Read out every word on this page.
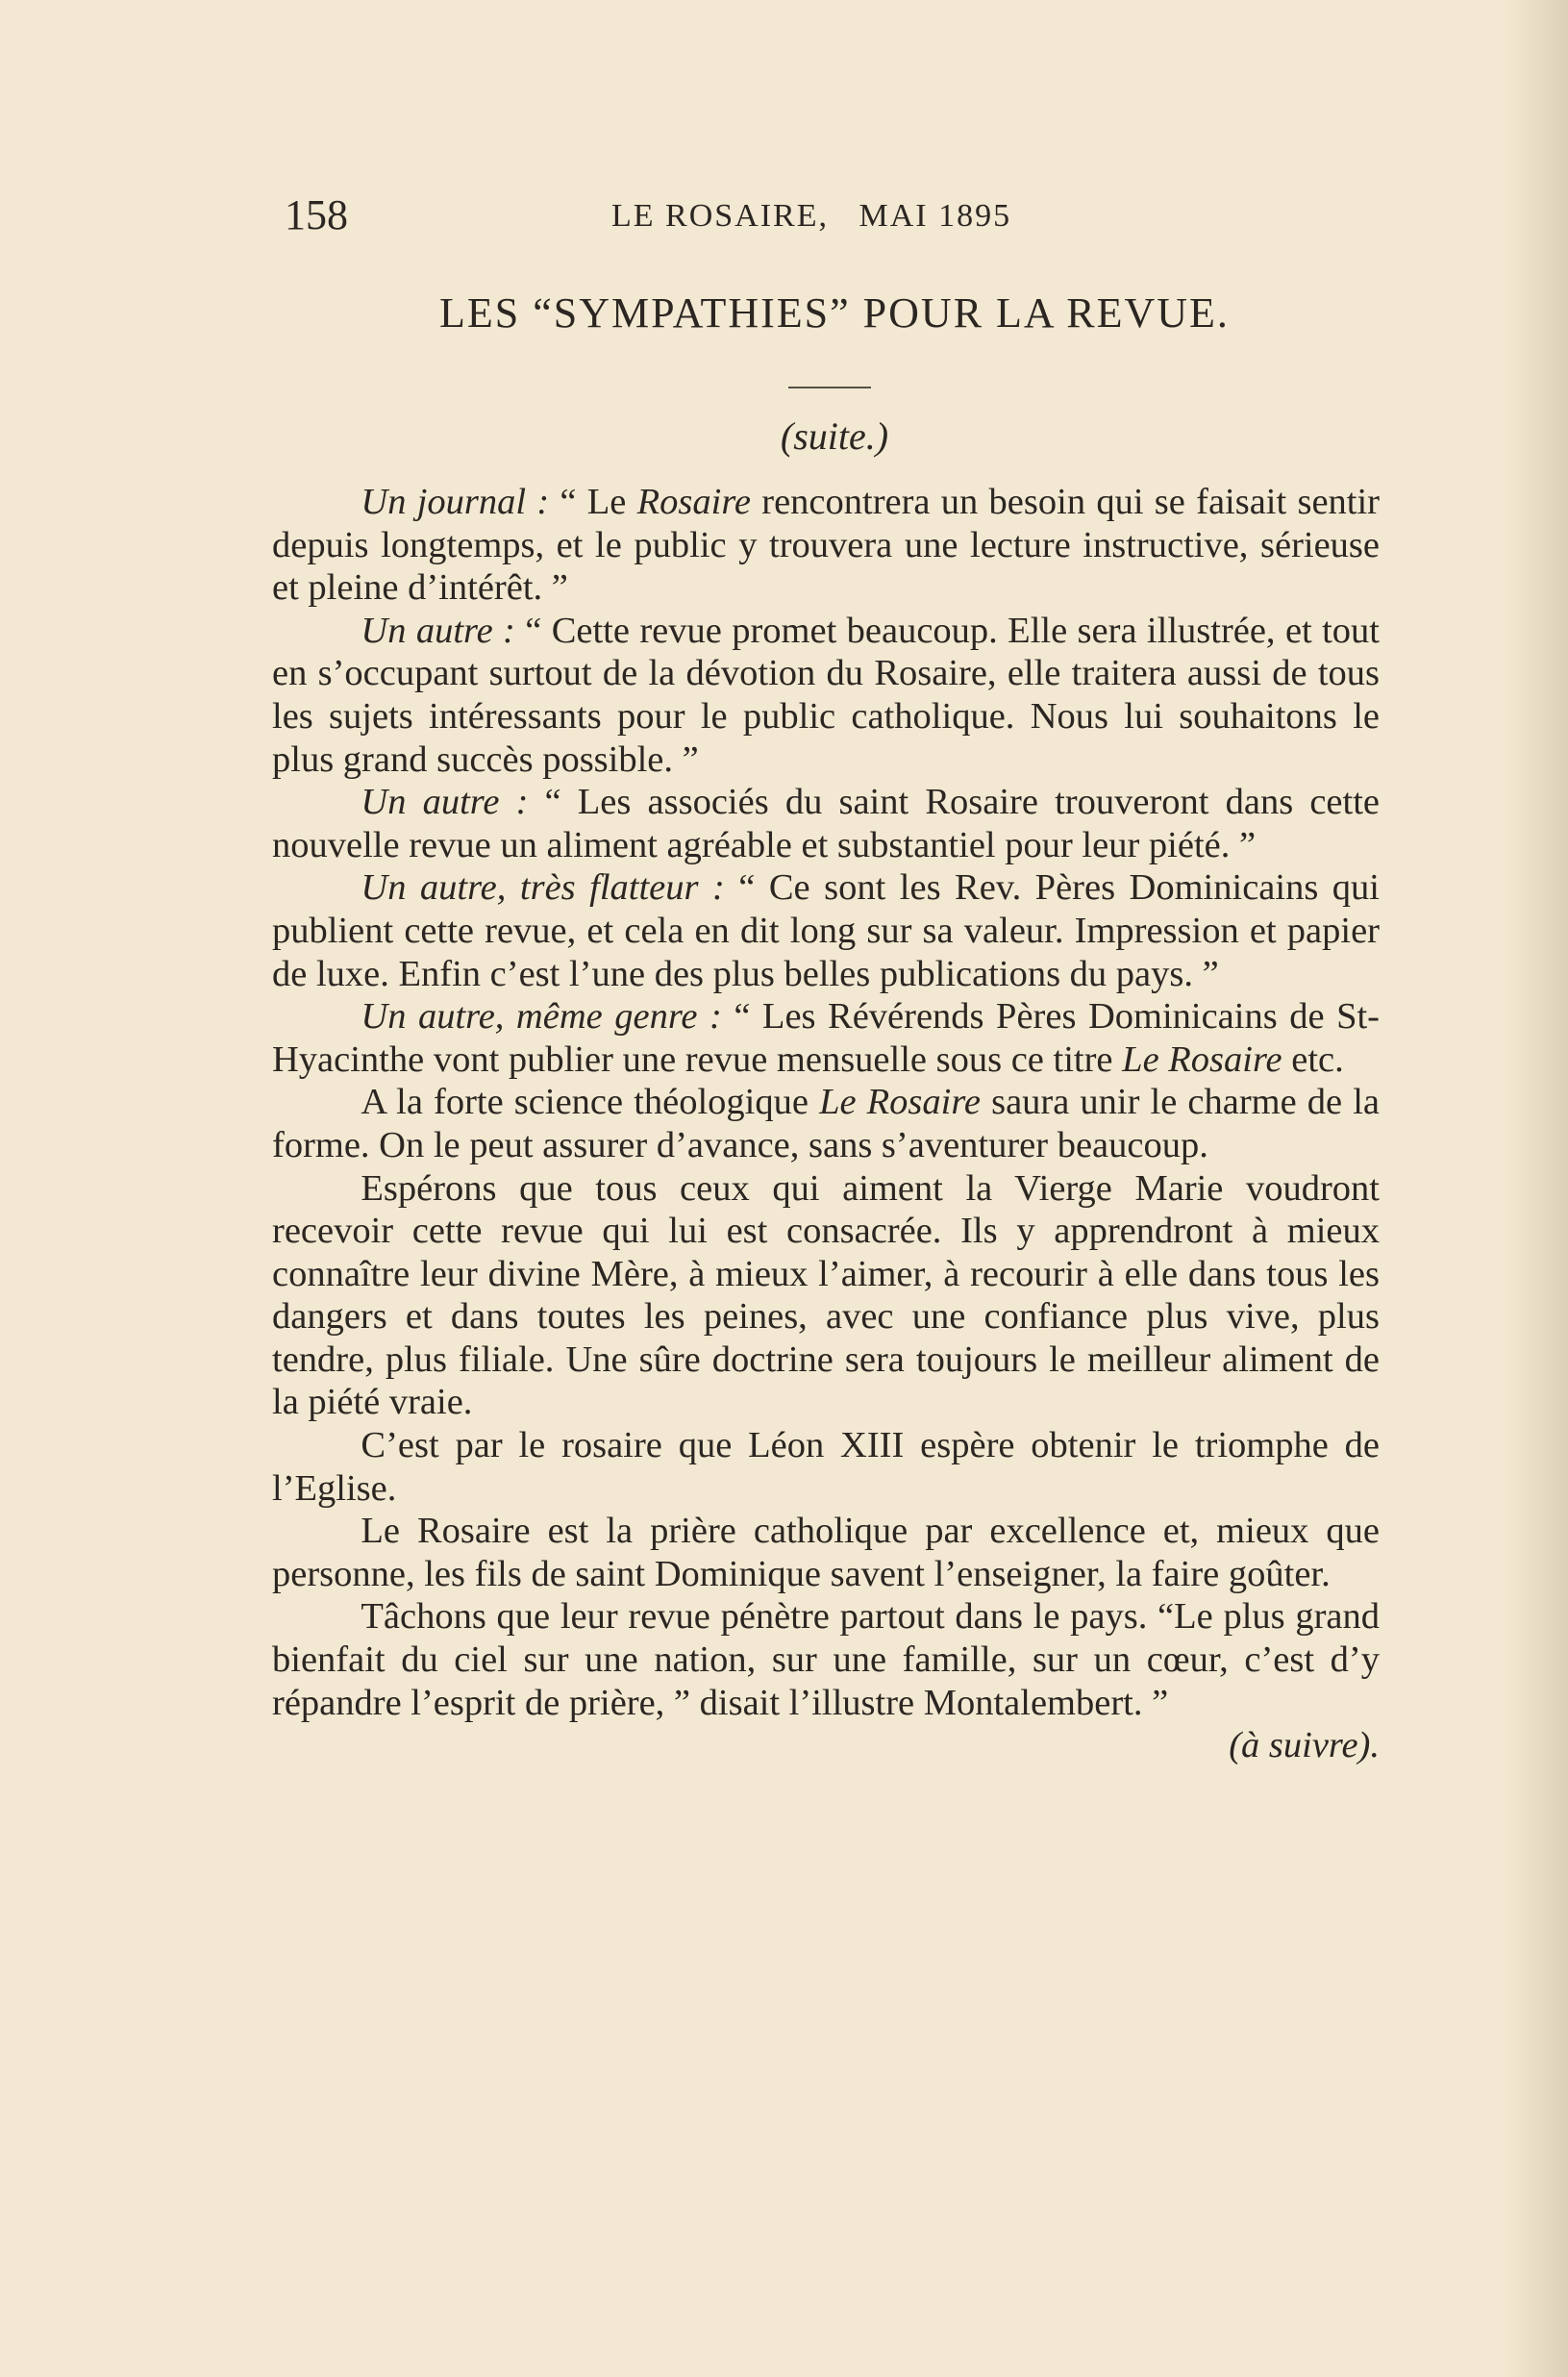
158	LE ROSAIRE,   MAI 1895
LES “SYMPATHIES” POUR LA REVUE.
(suite.)

Un journal : “ Le Rosaire rencontrera un besoin qui se faisait sentir depuis longtemps, et le public y trouvera une lecture instructive, sérieuse et pleine d’intérêt. ”

Un autre : “ Cette revue promet beaucoup. Elle sera illustrée, et tout en s’occupant surtout de la dévotion du Rosaire, elle traitera aussi de tous les sujets intéressants pour le public catholique. Nous lui souhaitons le plus grand succès possible. ”

Un autre : “ Les associés du saint Rosaire trouveront dans cette nouvelle revue un aliment agréable et substantiel pour leur piété. ”

Un autre, très flatteur : “ Ce sont les Rev. Pères Dominicains qui publient cette revue, et cela en dit long sur sa valeur. Impression et papier de luxe. Enfin c’est l’une des plus belles publications du pays. ”

Un autre, même genre : “ Les Révérends Pères Dominicains de St-Hyacinthe vont publier une revue mensuelle sous ce titre Le Rosaire etc.

A la forte science théologique Le Rosaire saura unir le charme de la forme. On le peut assurer d’avance, sans s’aventurer beaucoup.

Espérons que tous ceux qui aiment la Vierge Marie voudront recevoir cette revue qui lui est consacrée. Ils y apprendront à mieux connaître leur divine Mère, à mieux l’aimer, à recourir à elle dans tous les dangers et dans toutes les peines, avec une confiance plus vive, plus tendre, plus filiale. Une sûre doctrine sera toujours le meilleur aliment de la piété vraie.

C’est par le rosaire que Léon XIII espère obtenir le triomphe de l’Eglise.

Le Rosaire est la prière catholique par excellence et, mieux que personne, les fils de saint Dominique savent l’enseigner, la faire goûter.

Tâchons que leur revue pénètre partout dans le pays. “Le plus grand bienfait du ciel sur une nation, sur une famille, sur un cœur, c’est d’y répandre l’esprit de prière, ” disait l’illustre Montalembert. ”
(à suivre).
